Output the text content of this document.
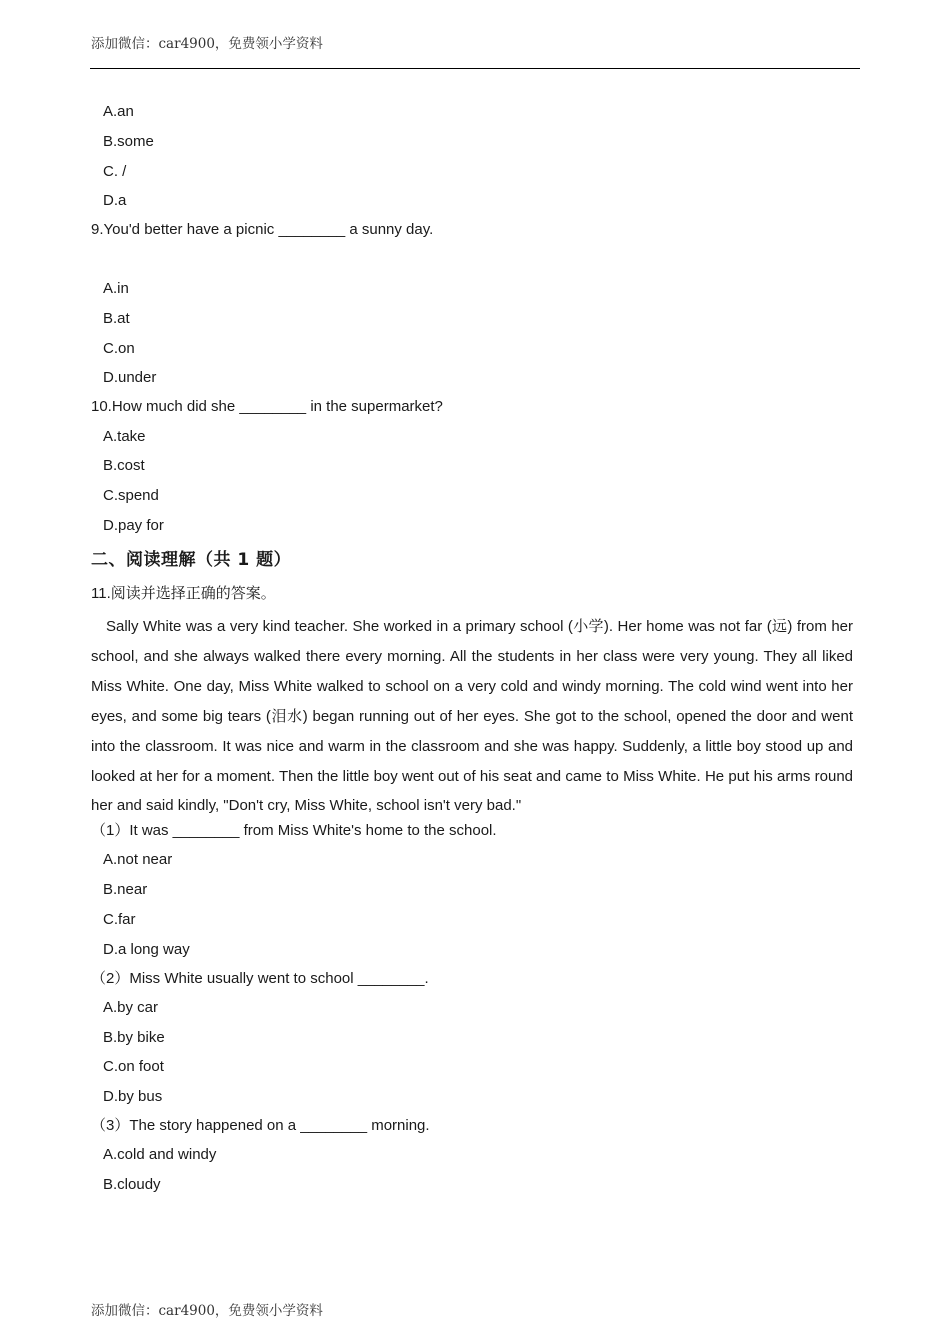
添加微信：car4900，免费领小学资料
A.an
B.some
C. /
D.a
9.You'd better have a picnic ________ a sunny day.
A.in
B.at
C.on
D.under
10.How much did she ________ in the supermarket?
A.take
B.cost
C.spend
D.pay for
二、阅读理解（共 1 题）
11.阅读并选择正确的答案。
Sally White was a very kind teacher. She worked in a primary school (小学). Her home was not far (远) from her school, and she always walked there every morning. All the students in her class were very young. They all liked Miss White. One day, Miss White walked to school on a very cold and windy morning. The cold wind went into her eyes, and some big tears (泪水) began running out of her eyes. She got to the school, opened the door and went into the classroom. It was nice and warm in the classroom and she was happy. Suddenly, a little boy stood up and looked at her for a moment. Then the little boy went out of his seat and came to Miss White. He put his arms round her and said kindly, "Don't cry, Miss White, school isn't very bad."
（1）It was ________ from Miss White's home to the school.
A.not near
B.near
C.far
D.a long way
（2）Miss White usually went to school ________.
A.by car
B.by bike
C.on foot
D.by bus
（3）The story happened on a ________ morning.
A.cold and windy
B.cloudy
添加微信：car4900，免费领小学资料
